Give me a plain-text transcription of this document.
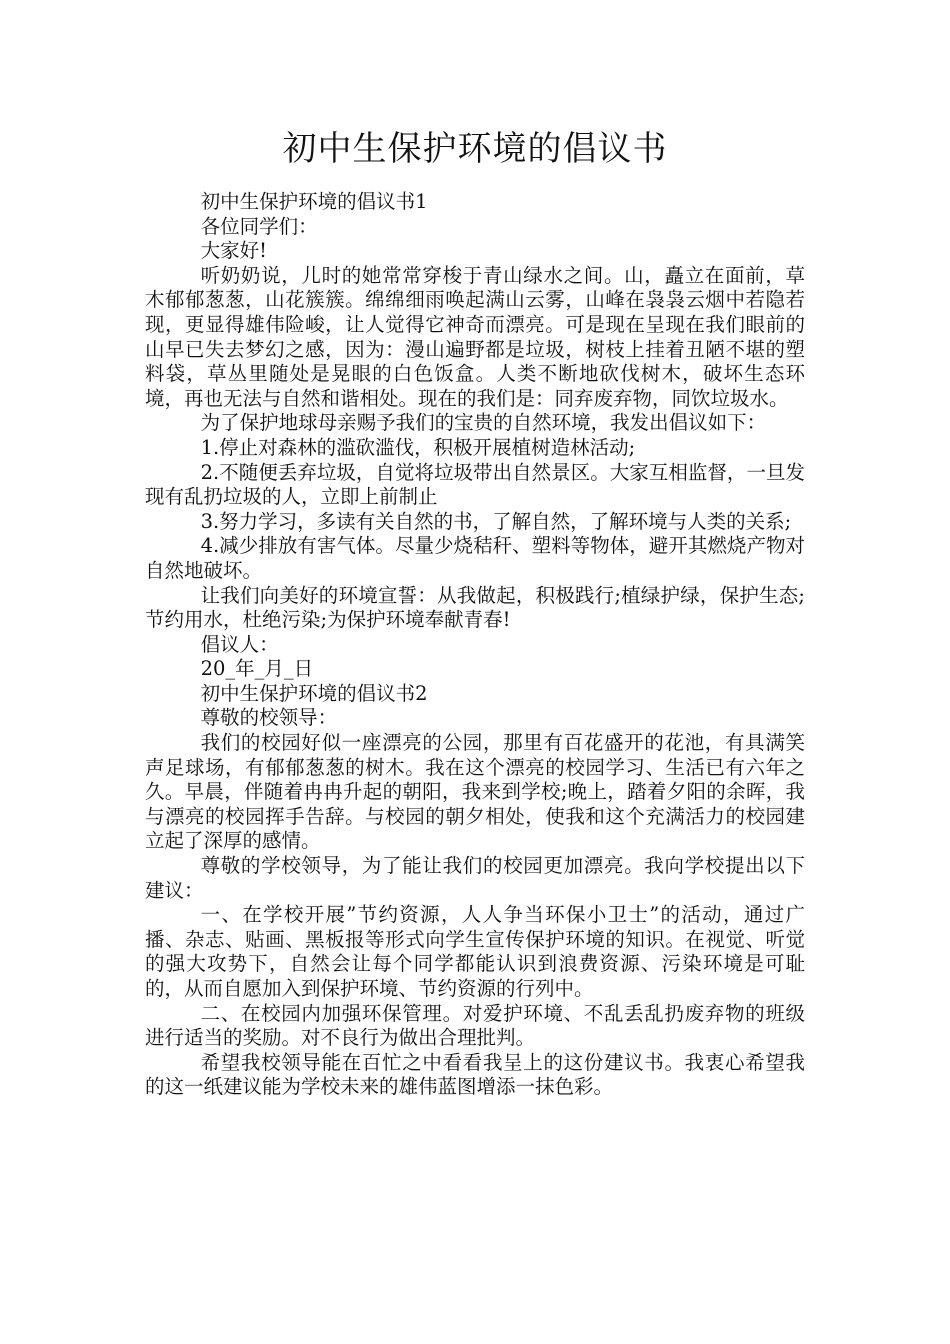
初中生保护环境的倡议书

初中生保护环境的倡议书1

各位同学们：

大家好!

听奶奶说，儿时的她常常穿梭于青山绿水之间。山，矗立在面前，草木郁郁葱葱，山花簇簇。绵绵细雨唤起满山云雾，山峰在袅袅云烟中若隐若现，更显得雄伟险峻，让人觉得它神奇而漂亮。可是现在呈现在我们眼前的山早已失去梦幻之感，因为：漫山遍野都是垃圾，树枝上挂着丑陋不堪的塑料袋，草丛里随处是晃眼的白色饭盒。人类不断地砍伐树木，破坏生态环境，再也无法与自然和谐相处。现在的我们是：同弃废弃物，同饮垃圾水。

为了保护地球母亲赐予我们的宝贵的自然环境，我发出倡议如下：

1.停止对森林的滥砍滥伐，积极开展植树造林活动;

2.不随便丢弃垃圾，自觉将垃圾带出自然景区。大家互相监督，一旦发现有乱扔垃圾的人，立即上前制止

3.努力学习，多读有关自然的书，了解自然，了解环境与人类的关系;

4.减少排放有害气体。尽量少烧秸秆、塑料等物体，避开其燃烧产物对自然地破坏。

让我们向美好的环境宣誓：从我做起，积极践行;植绿护绿，保护生态;节约用水，杜绝污染;为保护环境奉献青春!

倡议人：

20_年_月_日

初中生保护环境的倡议书2

尊敬的校领导：

我们的校园好似一座漂亮的公园，那里有百花盛开的花池，有具满笑声足球场，有郁郁葱葱的树木。我在这个漂亮的校园学习、生活已有六年之久。早晨，伴随着冉冉升起的朝阳，我来到学校;晚上，踏着夕阳的余晖，我与漂亮的校园挥手告辞。与校园的朝夕相处，使我和这个充满活力的校园建立起了深厚的感情。

尊敬的学校领导，为了能让我们的校园更加漂亮。我向学校提出以下建议：

一、在学校开展”节约资源，人人争当环保小卫士”的活动，通过广播、杂志、贴画、黑板报等形式向学生宣传保护环境的知识。在视觉、听觉的强大攻势下，自然会让每个同学都能认识到浪费资源、污染环境是可耻的，从而自愿加入到保护环境、节约资源的行列中。

二、在校园内加强环保管理。对爱护环境、不乱丢乱扔废弃物的班级进行适当的奖励。对不良行为做出合理批判。

希望我校领导能在百忙之中看看我呈上的这份建议书。我衷心希望我的这一纸建议能为学校未来的雄伟蓝图增添一抹色彩。
